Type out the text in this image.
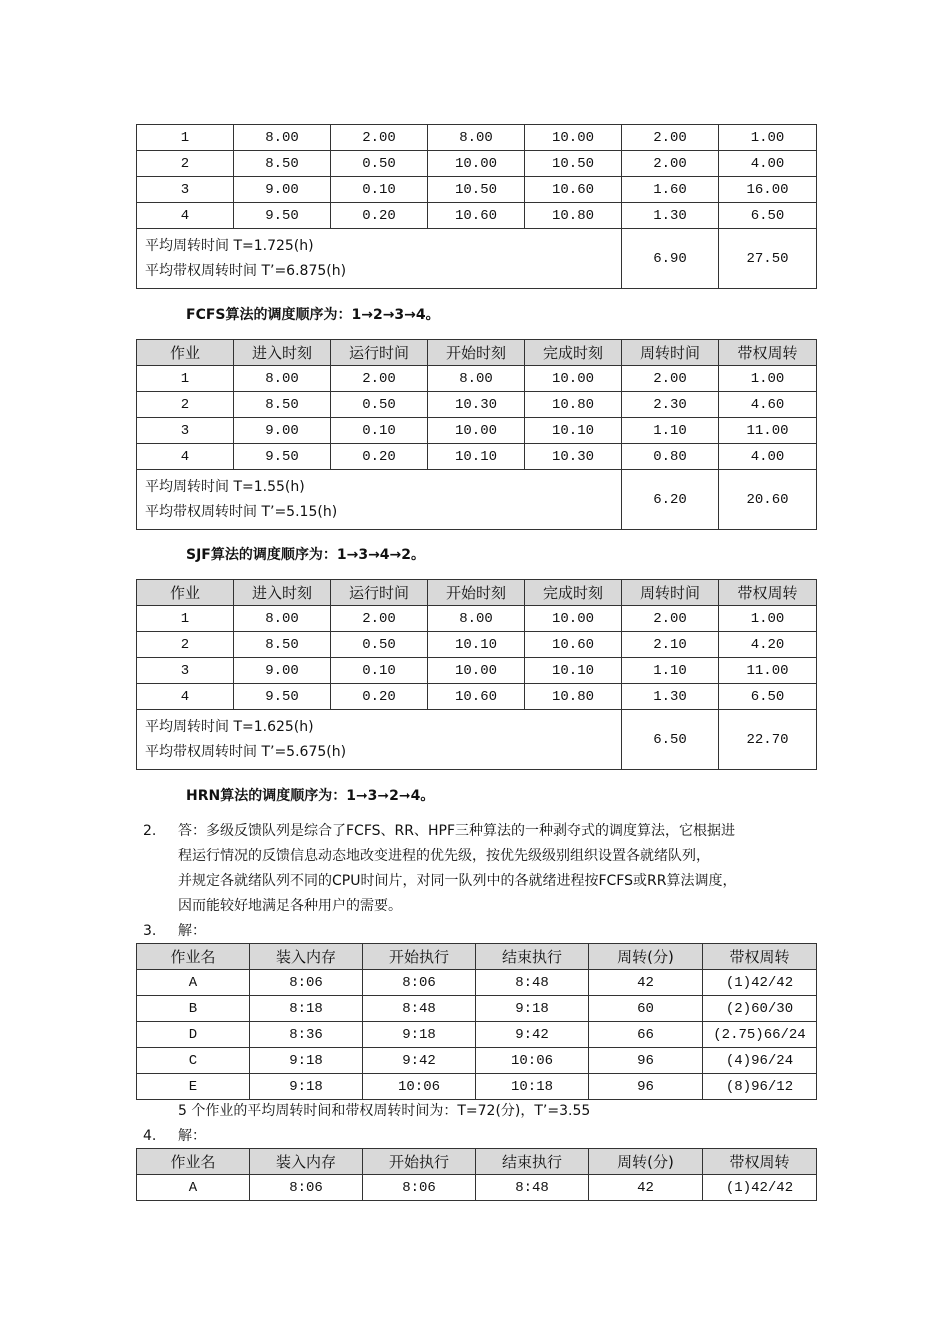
1	8.00	2.00	8.00	10.00	2.00	1.00
2	8.50	0.50	10.00	10.50	2.00	4.00
3	9.00	0.10	10.50	10.60	1.60	16.00
4	9.50	0.20	10.60	10.80	1.30	6.50

平均周转时间 T=1.725(h)
平均带权周转时间 T’=6.875(h)					6.90	27.50
FCFS算法的调度顺序为：1→2→3→4。
作业	进入时刻	运行时间	开始时刻	完成时刻	周转时间	带权周转
1	8.00	2.00	8.00	10.00	2.00	1.00
2	8.50	0.50	10.30	10.80	2.30	4.60
3	9.00	0.10	10.00	10.10	1.10	11.00
4	9.50	0.20	10.10	10.30	0.80	4.00

平均周转时间 T=1.55(h)
平均带权周转时间 T’=5.15(h)					6.20	20.60
SJF算法的调度顺序为：1→3→4→2。
作业	进入时刻	运行时间	开始时刻	完成时刻	周转时间	带权周转
1	8.00	2.00	8.00	10.00	2.00	1.00
2	8.50	0.50	10.10	10.60	2.10	4.20
3	9.00	0.10	10.00	10.10	1.10	11.00
4	9.50	0.20	10.60	10.80	1.30	6.50

平均周转时间 T=1.625(h)
平均带权周转时间 T’=5.675(h)					6.50	22.70
HRN算法的调度顺序为：1➞3➞2➞4。
2. 答：多级反馈队列是综合了FCFS、RR、HPF三种算法的一种剥夺式的调度算法，它根据进
程运行情况的反馈信息动态地改变进程的优先级，按优先级级别组织设置各就绪队列，
并规定各就绪队列不同的CPU时间片，对同一队列中的各就绪进程按FCFS或RR算法调度，
因而能较好地满足各种用户的需要。
3. 解：
作业名	装入内存	开始执行	结束执行	周转(分)	带权周转
A	8:06	8:06	8:48	42	(1)42/42
B	8:18	8:48	9:18	60	(2)60/30
D	8:36	9:18	9:42	66	(2.75)66/24
C	9:18	9:42	10:06	96	(4)96/24
E	9:18	10:06	10:18	96	(8)96/12
5 个作业的平均周转时间和带权周转时间为：T=72(分)，T’=3.55
4. 解：
作业名	装入内存	开始执行	结束执行	周转(分)	带权周转
A	8:06	8:06	8:48	42	(1)42/42
